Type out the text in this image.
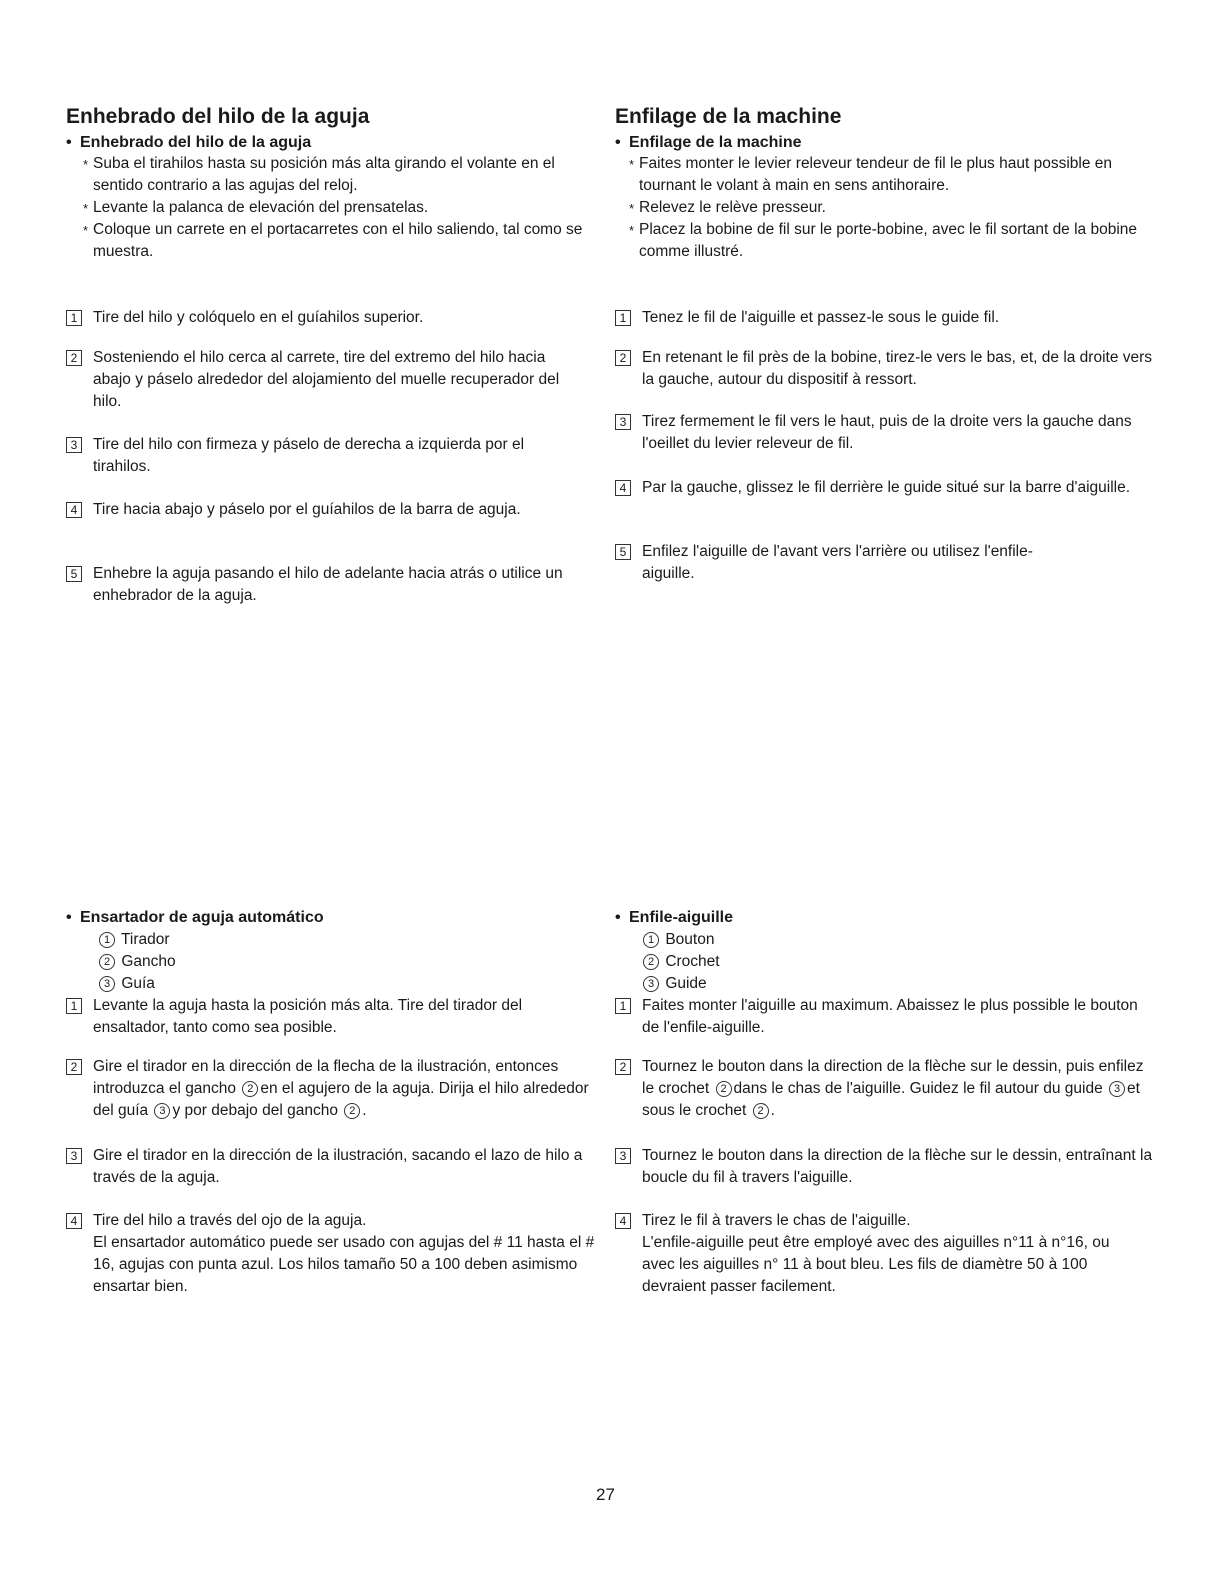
Enhebrado del hilo de la aguja
• Enhebrado del hilo de la aguja
* Suba el tirahilos hasta su posición más alta girando el volante en el sentido contrario a las agujas del reloj.
* Levante la palanca de elevación del prensatelas.
* Coloque un carrete en el portacarretes con el hilo saliendo, tal como se muestra.
1	Tire del hilo y colóquelo en el guíahilos superior.
2	Sosteniendo el hilo cerca al carrete, tire del extremo del hilo hacia abajo y páselo alrededor del alojamiento del muelle recuperador del hilo.
3	Tire del hilo con firmeza y páselo de derecha a izquierda por el tirahilos.
4	Tire hacia abajo y páselo por el guíahilos de la barra de aguja.
5	Enhebre la aguja pasando el hilo de adelante hacia atrás o utilice un enhebrador de la aguja.
• Ensartador de aguja automático
1 Tirador
2 Gancho
3 Guía
1	Levante la aguja hasta la posición más alta. Tire del tirador del ensaltador, tanto como sea posible.
2	Gire el tirador en la dirección de la flecha de la ilustración, entonces introduzca el gancho 2 en el agujero de la aguja. Dirija el hilo alrededor del guía 3 y por debajo del gancho 2 .
3	Gire el tirador en la dirección de la ilustración, sacando el lazo de hilo a través de la aguja.
4	Tire del hilo a través del ojo de la aguja.
El ensartador automático puede ser usado con agujas del # 11 hasta el # 16, agujas con punta azul. Los hilos tamaño 50 a 100 deben asimismo ensartar bien.
Enfilage de la machine
• Enfilage de la machine
* Faites monter le levier releveur tendeur de fil le plus haut possible en tournant le volant à main en sens antihoraire.
* Relevez le relève presseur.
* Placez la bobine de fil sur le porte-bobine, avec le fil sortant de la bobine comme illustré.
1	Tenez le fil de l'aiguille et passez-le sous le guide fil.
2	En retenant le fil près de la bobine, tirez-le vers le bas, et, de la droite vers la gauche, autour du dispositif à ressort.
3	Tirez fermement le fil vers le haut, puis de la droite vers la gauche dans l'oeillet du levier releveur de fil.
4	Par la gauche, glissez le fil derrière le guide situé sur la barre d'aiguille.
5	Enfilez l'aiguille de l'avant vers l'arrière ou utilisez l'enfile- aiguille.
• Enfile-aiguille
1 Bouton
2 Crochet
3 Guide
1	Faites monter l'aiguille au maximum. Abaissez le plus possible le bouton de l'enfile-aiguille.
2	Tournez le bouton dans la direction de la flèche sur le dessin, puis enfilez le crochet 2 dans le chas de l'aiguille. Guidez le fil autour du guide 3 et sous le crochet 2 .
3	Tournez le bouton dans la direction de la flèche sur le dessin, entraînant la boucle du fil à travers l'aiguille.
4	Tirez le fil à travers le chas de l'aiguille.
L'enfile-aiguille peut être employé avec des aiguilles n°11 à n°16, ou avec les aiguilles n° 11 à bout bleu. Les fils de diamètre 50 à 100 devraient passer facilement.
27
